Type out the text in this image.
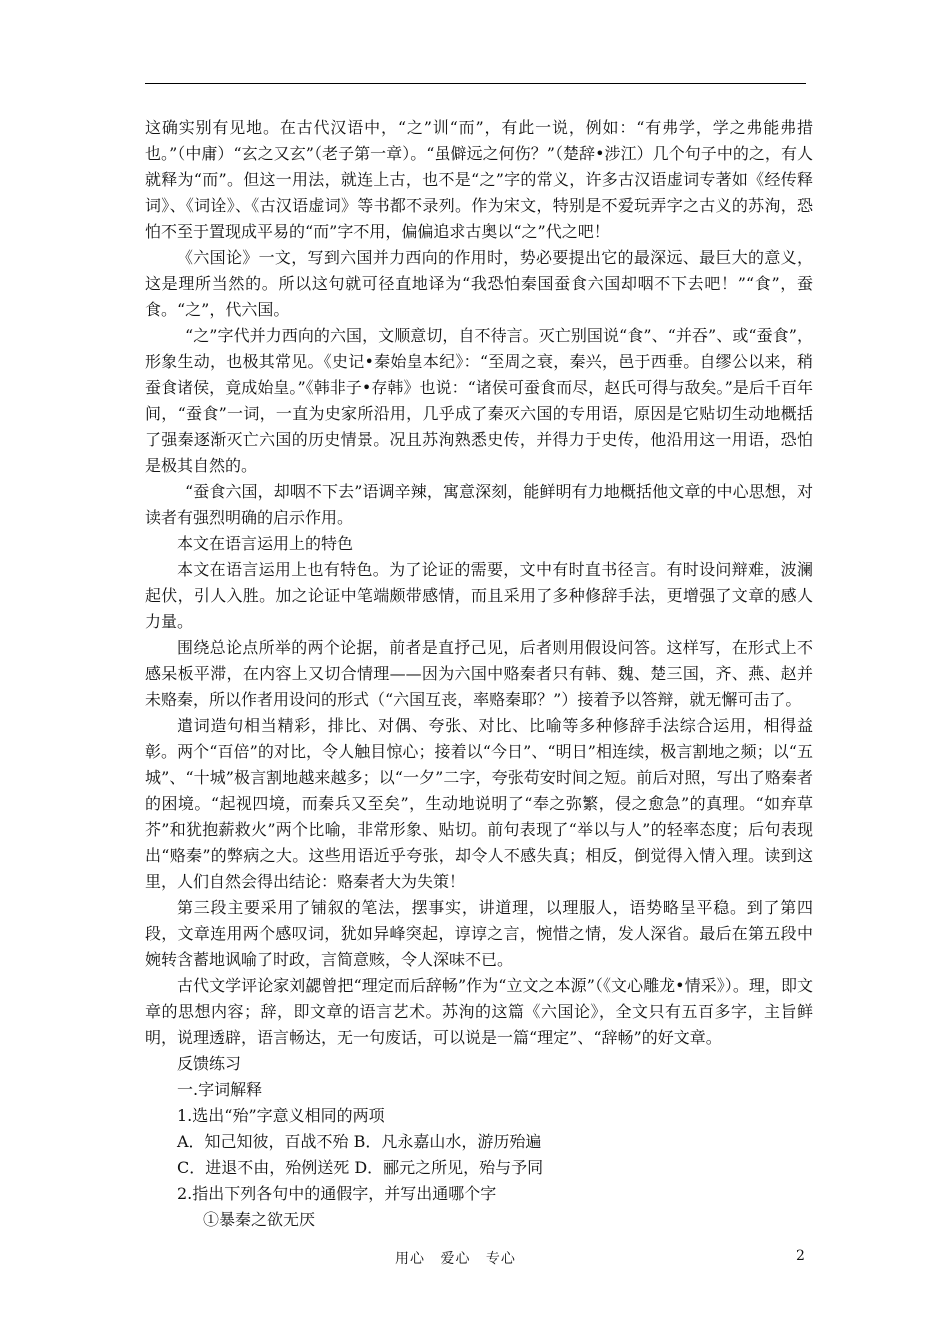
这确实别有见地。在古代汉语中，“之”训“而”，有此一说，例如：“有弗学，学之弗能弗措也。”（中庸）“玄之又玄”（老子第一章）。“虽僻远之何伤？”（楚辞•涉江）几个句子中的之，有人就释为“而”。但这一用法，就连上古，也不是“之”字的常义，许多古汉语虚词专著如《经传释词》、《词诠》、《古汉语虚词》等书都不录列。作为宋文，特别是不爱玩弄字之古义的苏洵，恐怕不至于置现成平易的“而”字不用，偏偏追求古奥以“之”代之吧！

《六国论》一文，写到六国并力西向的作用时，势必要提出它的最深远、最巨大的意义，这是理所当然的。所以这句就可径直地译为“我恐怕秦国蚕食六国却咽不下去吧！”“食”，蚕食。“之”，代六国。

“之”字代并力西向的六国，文顺意切，自不待言。灭亡别国说“食”、“并吞”、或“蚕食”，形象生动，也极其常见。《史记•秦始皇本纪》：“至周之衰，秦兴，邑于西垂。自缪公以来，稍蚕食诸侯，竟成始皇。”《韩非子•存韩》也说：“诸侯可蚕食而尽，赵氏可得与敌矣。”是后千百年间，“蚕食”一词，一直为史家所沿用，几乎成了秦灭六国的专用语，原因是它贴切生动地概括了强秦逐渐灭亡六国的历史情景。况且苏洵熟悉史传，并得力于史传，他沿用这一用语，恐怕是极其自然的。

“蚕食六国，却咽不下去”语调辛辣，寓意深刻，能鲜明有力地概括他文章的中心思想，对读者有强烈明确的启示作用。

本文在语言运用上的特色

本文在语言运用上也有特色。为了论证的需要，文中有时直书径言。有时设问辩难，波澜起伏，引人入胜。加之论证中笔端颇带感情，而且采用了多种修辞手法，更增强了文章的感人力量。

围绕总论点所举的两个论据，前者是直抒己见，后者则用假设问答。这样写，在形式上不感呆板平滞，在内容上又切合情理——因为六国中赂秦者只有韩、魏、楚三国，齐、燕、赵并未赂秦，所以作者用设问的形式（“六国互丧，率赂秦耶？”）接着予以答辩，就无懈可击了。

遣词造句相当精彩，排比、对偶、夸张、对比、比喻等多种修辞手法综合运用，相得益彰。两个“百倍”的对比，令人触目惊心；接着以“今日”、“明日”相连续，极言割地之频；以“五城”、“十城”极言割地越来越多；以“一夕”二字，夸张苟安时间之短。前后对照，写出了赂秦者的困境。“起视四境，而秦兵又至矣”，生动地说明了“奉之弥繁，侵之愈急”的真理。“如弃草芥”和犹抱薪救火”两个比喻，非常形象、贴切。前句表现了“举以与人”的轻率态度；后句表现出“赂秦”的弊病之大。这些用语近乎夸张，却令人不感失真；相反，倒觉得入情入理。读到这里，人们自然会得出结论：赂秦者大为失策！

第三段主要采用了铺叙的笔法，摆事实，讲道理，以理服人，语势略呈平稳。到了第四段，文章连用两个感叹词，犹如异峰突起，谆谆之言，惋惜之情，发人深省。最后在第五段中婉转含蓄地讽喻了时政，言简意赅，令人深味不已。

古代文学评论家刘勰曾把“理定而后辞畅”作为“立文之本源”（《文心雕龙•情采》）。理，即文章的思想内容；辞，即文章的语言艺术。苏洵的这篇《六国论》，全文只有五百多字，主旨鲜明，说理透辟，语言畅达，无一句废话，可以说是一篇“理定”、“辞畅”的好文章。

反馈练习

一.字词解释

1.选出“殆”字意义相同的两项

A．知己知彼，百战不殆 B．凡永嘉山水，游历殆遍

C．进退不由，殆例送死 D．郦元之所见，殆与予同

2.指出下列各句中的通假字，并写出通哪个字

①暴秦之欲无厌

用心 爱心 专心	2
